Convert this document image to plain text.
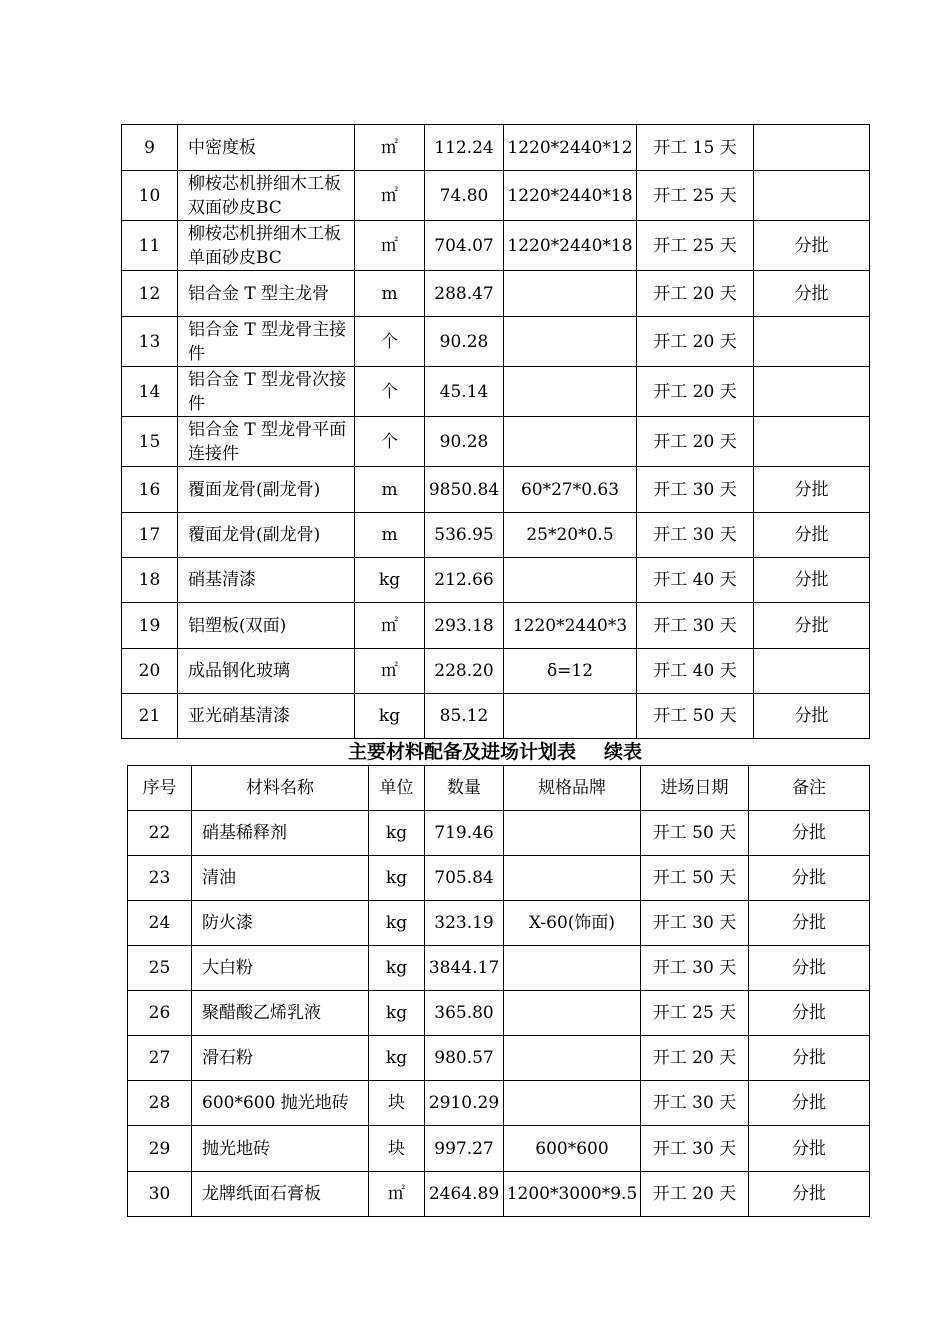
9	中密度板	㎡	112.24	1220*2440*12	开工 15 天	
10	柳桉芯机拼细木工板双面砂皮BC	㎡	74.80	1220*2440*18	开工 25 天	
11	柳桉芯机拼细木工板单面砂皮BC	㎡	704.07	1220*2440*18	开工 25 天	分批
12	铝合金 T 型主龙骨	m	288.47		开工 20 天	分批
13	铝合金 T 型龙骨主接件	个	90.28		开工 20 天	
14	铝合金 T 型龙骨次接件	个	45.14		开工 20 天	
15	铝合金 T 型龙骨平面连接件	个	90.28		开工 20 天	
16	覆面龙骨(副龙骨)	m	9850.84	60*27*0.63	开工 30 天	分批
17	覆面龙骨(副龙骨)	m	536.95	25*20*0.5	开工 30 天	分批
18	硝基清漆	kg	212.66		开工 40 天	分批
19	铝塑板(双面)	㎡	293.18	1220*2440*3	开工 30 天	分批
20	成品钢化玻璃	㎡	228.20	δ=12	开工 40 天	
21	亚光硝基清漆	kg	85.12		开工 50 天	分批
主要材料配备及进场计划表 续表
序号	材料名称	单位	数量	规格品牌	进场日期	备注
22	硝基稀释剂	kg	719.46		开工 50 天	分批
23	清油	kg	705.84		开工 50 天	分批
24	防火漆	kg	323.19	X-60(饰面)	开工 30 天	分批
25	大白粉	kg	3844.17		开工 30 天	分批
26	聚醋酸乙烯乳液	kg	365.80		开工 25 天	分批
27	滑石粉	kg	980.57		开工 20 天	分批
28	600*600 抛光地砖	块	2910.29		开工 30 天	分批
29	抛光地砖	块	997.27	600*600	开工 30 天	分批
30	龙牌纸面石膏板	㎡	2464.89	1200*3000*9.5	开工 20 天	分批
